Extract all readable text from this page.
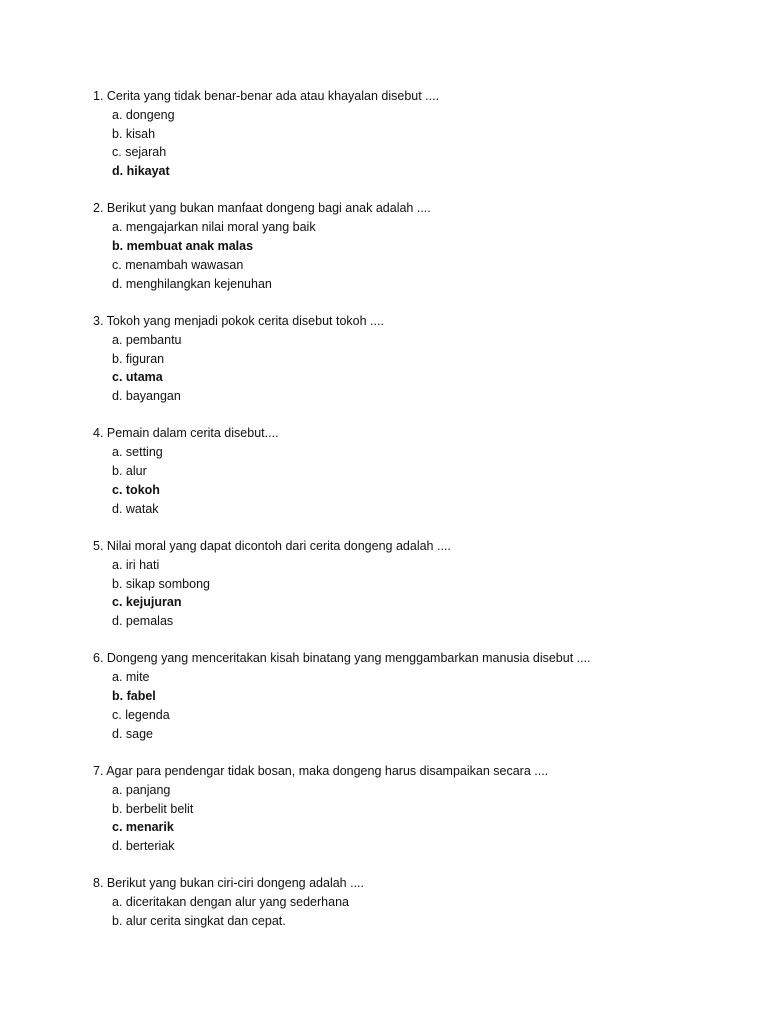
1. Cerita yang tidak benar-benar ada atau khayalan disebut ....
a. dongeng
b. kisah
c. sejarah
d. hikayat
2. Berikut yang bukan manfaat dongeng bagi anak adalah ....
a. mengajarkan nilai moral yang baik
b. membuat anak malas
c. menambah wawasan
d. menghilangkan kejenuhan
3. Tokoh yang menjadi pokok cerita disebut tokoh ....
a. pembantu
b. figuran
c. utama
d. bayangan
4. Pemain dalam cerita disebut....
a. setting
b. alur
c. tokoh
d. watak
5. Nilai moral yang dapat dicontoh dari cerita dongeng adalah ....
a. iri hati
b. sikap sombong
c. kejujuran
d. pemalas
6. Dongeng yang menceritakan kisah binatang yang menggambarkan manusia disebut ....
a. mite
b. fabel
c. legenda
d. sage
7. Agar para pendengar tidak bosan, maka dongeng harus disampaikan secara ....
a. panjang
b. berbelit belit
c. menarik
d. berteriak
8. Berikut yang bukan ciri-ciri dongeng adalah ....
a. diceritakan dengan alur yang sederhana
b. alur cerita singkat dan cepat.
